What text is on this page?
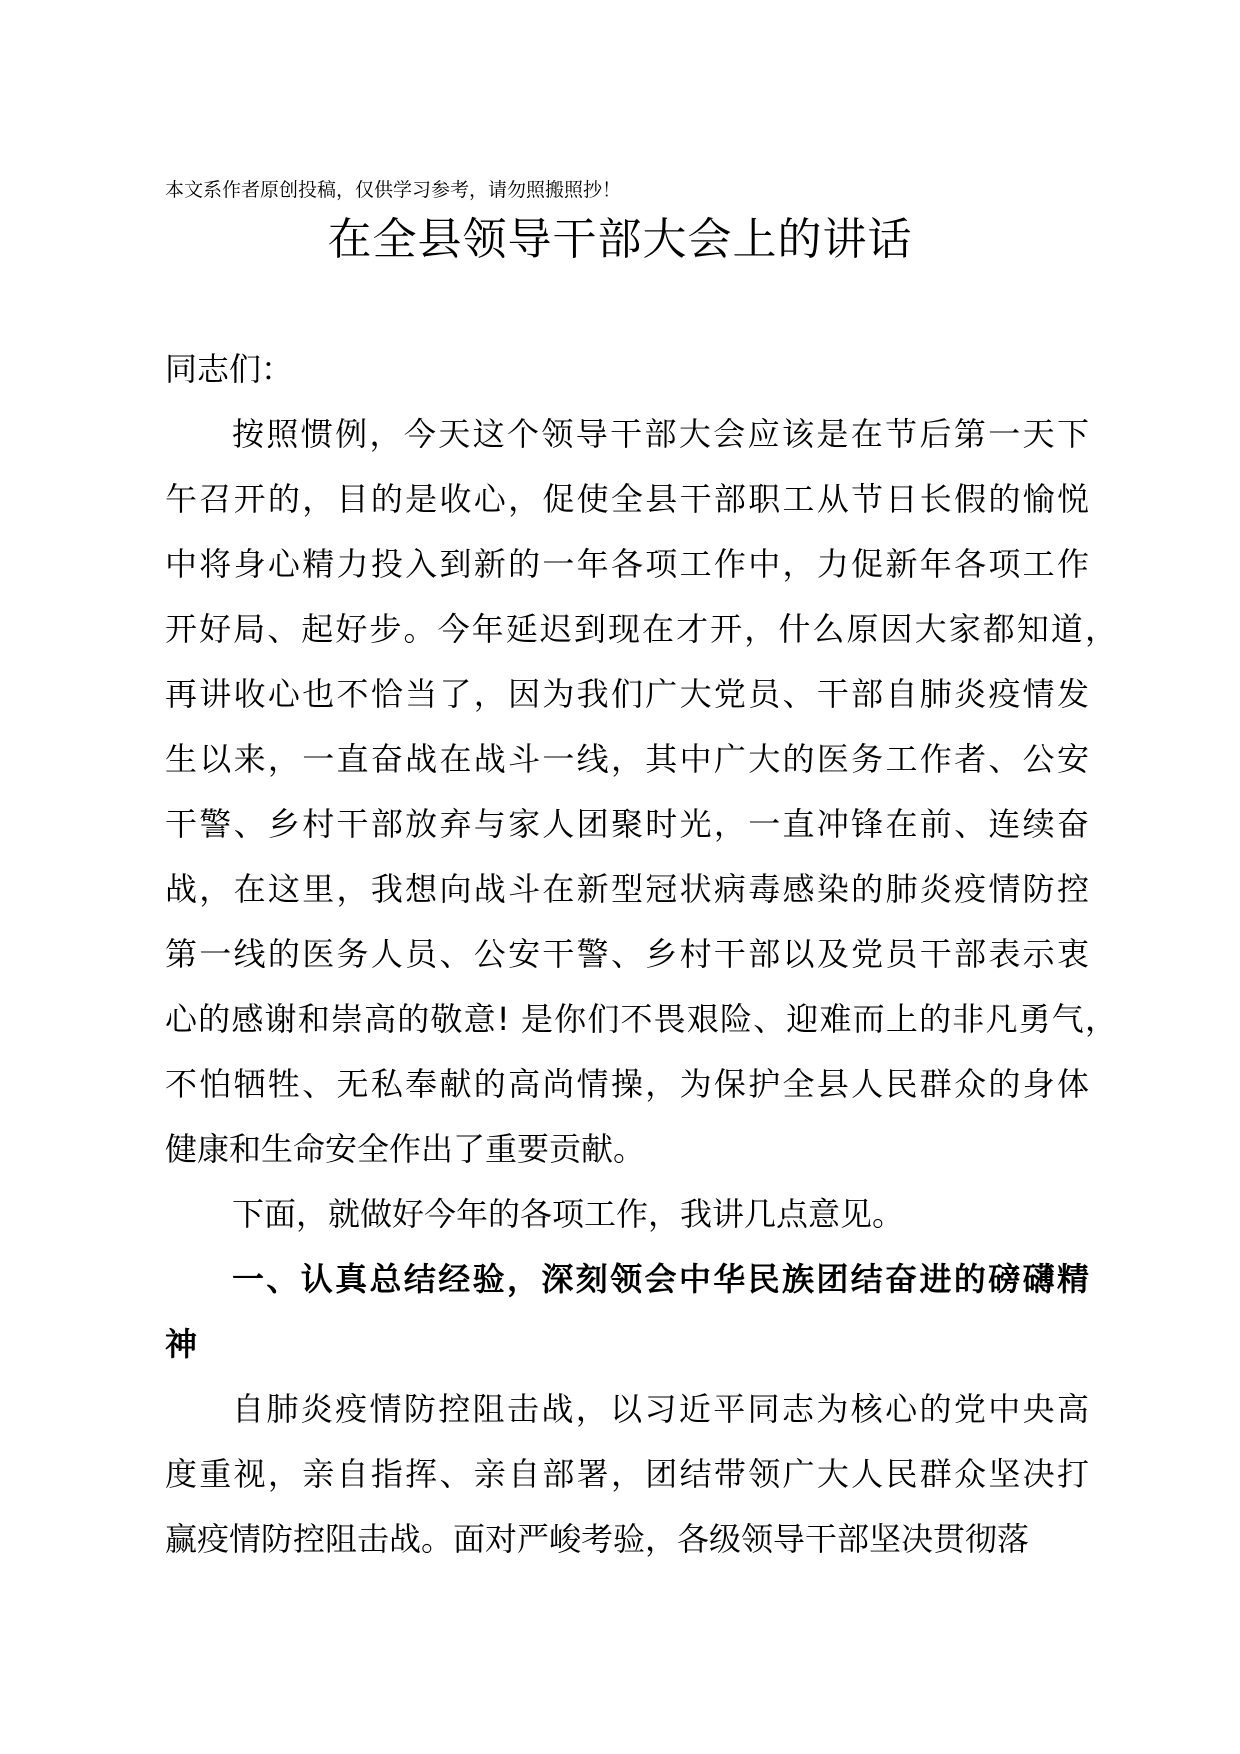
本文系作者原创投稿，仅供学习参考，请勿照搬照抄！
在全县领导干部大会上的讲话
同志们：
按照惯例，今天这个领导干部大会应该是在节后第一天下
午召开的，目的是收心，促使全县干部职工从节日长假的愉悦
中将身心精力投入到新的一年各项工作中，力促新年各项工作
开好局、起好步。今年延迟到现在才开，什么原因大家都知道，
再讲收心也不恰当了，因为我们广大党员、干部自肺炎疫情发
生以来，一直奋战在战斗一线，其中广大的医务工作者、公安
干警、乡村干部放弃与家人团聚时光，一直冲锋在前、连续奋
战，在这里，我想向战斗在新型冠状病毒感染的肺炎疫情防控
第一线的医务人员、公安干警、乡村干部以及党员干部表示衷
心的感谢和崇高的敬意! 是你们不畏艰险、迎难而上的非凡勇气，
不怕牺牲、无私奉献的高尚情操，为保护全县人民群众的身体
健康和生命安全作出了重要贡献。
下面，就做好今年的各项工作，我讲几点意见。
一、认真总结经验，深刻领会中华民族团结奋进的磅礴精
神
自肺炎疫情防控阻击战，以习近平同志为核心的党中央高
度重视，亲自指挥、亲自部署，团结带领广大人民群众坚决打
赢疫情防控阻击战。面对严峻考验，各级领导干部坚决贯彻落
